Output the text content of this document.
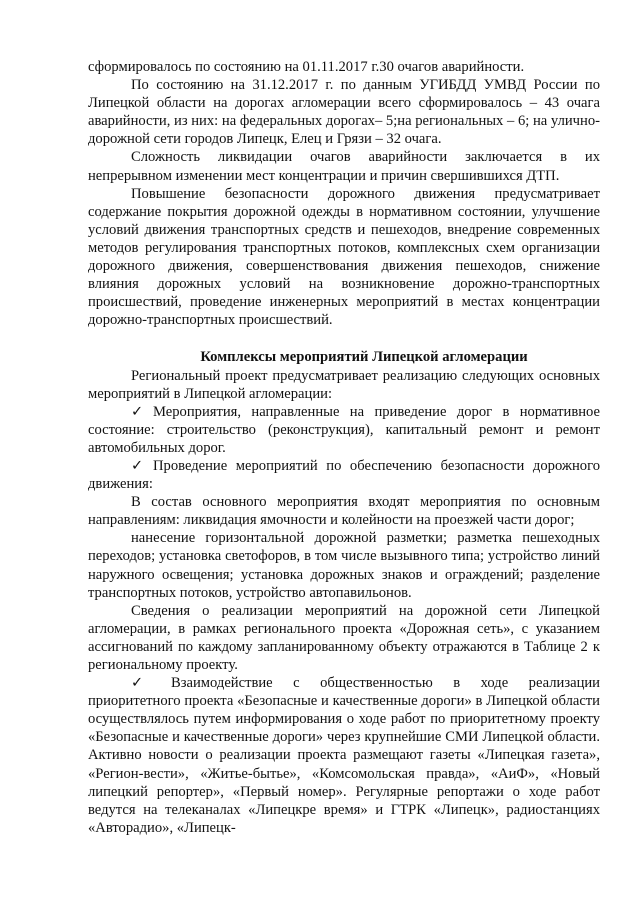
сформировалось по состоянию на 01.11.2017 г.30 очагов аварийности.

По состоянию на 31.12.2017 г. по данным УГИБДД УМВД России по Липецкой области на дорогах агломерации всего сформировалось – 43 очага аварийности, из них: на федеральных дорогах– 5;на региональных – 6; на улично-дорожной сети городов Липецк, Елец и Грязи – 32 очага.

Сложность ликвидации очагов аварийности заключается в их непрерывном изменении мест концентрации и причин свершившихся ДТП.

Повышение безопасности дорожного движения предусматривает содержание покрытия дорожной одежды в нормативном состоянии, улучшение условий движения транспортных средств и пешеходов, внедрение современных методов регулирования транспортных потоков, комплексных схем организации дорожного движения, совершенствования движения пешеходов, снижение влияния дорожных условий на возникновение дорожно-транспортных происшествий, проведение инженерных мероприятий в местах концентрации дорожно-транспортных происшествий.

Комплексы мероприятий Липецкой агломерации

Региональный проект предусматривает реализацию следующих основных мероприятий в Липецкой агломерации:

✓ Мероприятия, направленные на приведение дорог в нормативное состояние: строительство (реконструкция), капитальный ремонт и ремонт автомобильных дорог.

✓ Проведение мероприятий по обеспечению безопасности дорожного движения:

В состав основного мероприятия входят мероприятия по основным направлениям: ликвидация ямочности и колейности на проезжей части дорог;

нанесение горизонтальной дорожной разметки; разметка пешеходных переходов; установка светофоров, в том числе вызывного типа; устройство линий наружного освещения; установка дорожных знаков и ограждений; разделение транспортных потоков, устройство автопавильонов.

Сведения о реализации мероприятий на дорожной сети Липецкой агломерации, в рамках регионального проекта «Дорожная сеть», с указанием ассигнований по каждому запланированному объекту отражаются в Таблице 2 к региональному проекту.

✓ Взаимодействие с общественностью в ходе реализации приоритетного проекта «Безопасные и качественные дороги» в Липецкой области осуществлялось путем информирования о ходе работ по приоритетному проекту «Безопасные и качественные дороги» через крупнейшие СМИ Липецкой области. Активно новости о реализации проекта размещают газеты «Липецкая газета», «Регион-вести», «Житье-бытье», «Комсомольская правда», «АиФ», «Новый липецкий репортер», «Первый номер». Регулярные репортажи о ходе работ ведутся на телеканалах «Липецкре время» и ГТРК «Липецк», радиостанциях «Авторадио», «Липецк-
